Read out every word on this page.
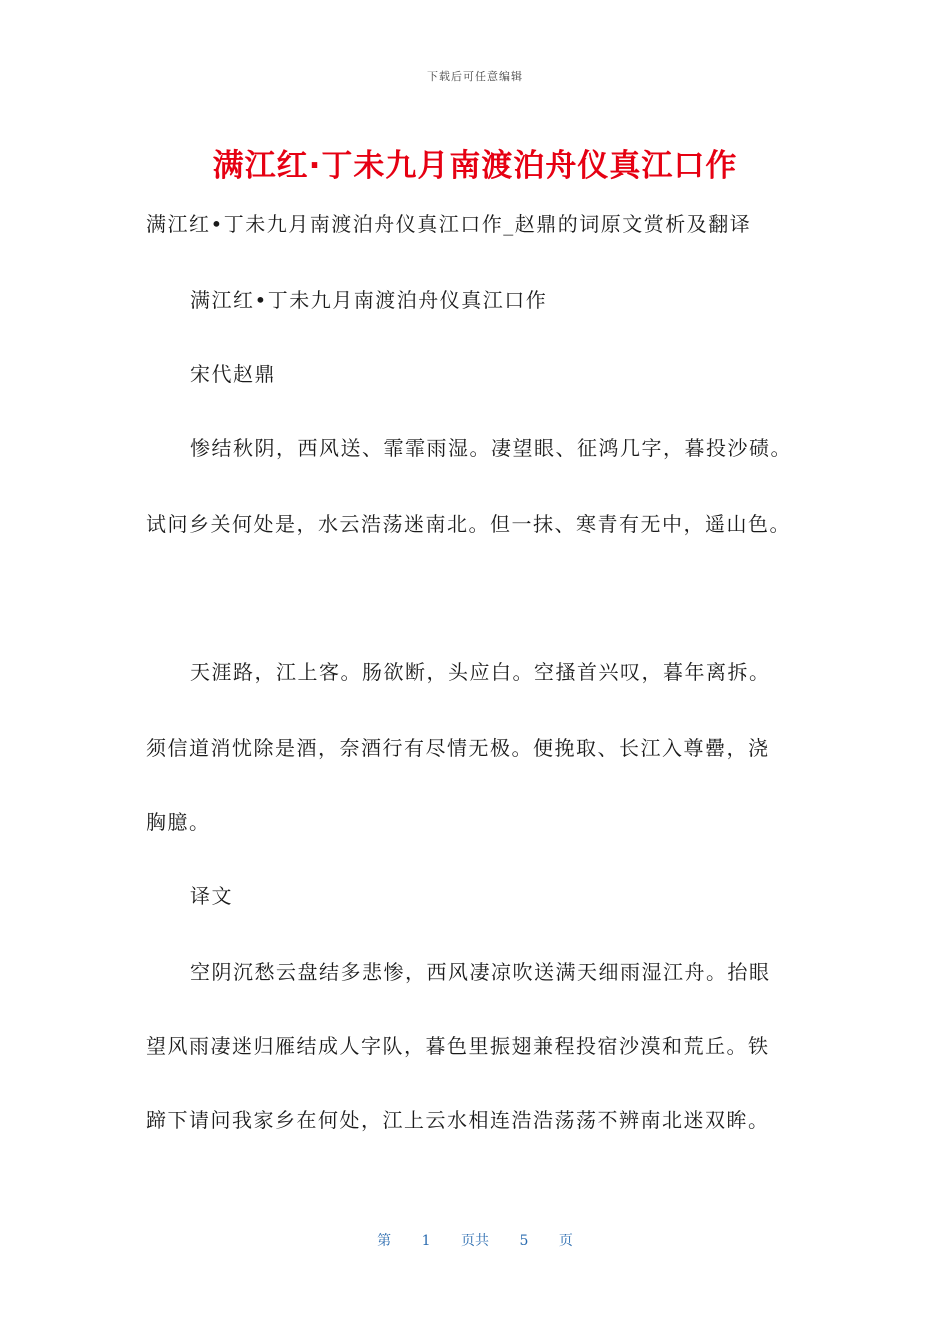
下载后可任意编辑
满江红·丁未九月南渡泊舟仪真江口作
满江红•丁未九月南渡泊舟仪真江口作_赵鼎的词原文赏析及翻译
满江红•丁未九月南渡泊舟仪真江口作
宋代赵鼎
惨结秋阴，西风送、霏霏雨湿。凄望眼、征鸿几字，暮投沙碛。
试问乡关何处是，水云浩荡迷南北。但一抹、寒青有无中，遥山色。
天涯路，江上客。肠欲断，头应白。空搔首兴叹，暮年离拆。
须信道消忧除是酒，奈酒行有尽情无极。便挽取、长江入尊罍，浇
胸臆。
译文
空阴沉愁云盘结多悲惨，西风凄凉吹送满天细雨湿江舟。抬眼
望风雨凄迷归雁结成人字队，暮色里振翅兼程投宿沙漠和荒丘。铁
蹄下请问我家乡在何处，江上云水相连浩浩荡荡不辨南北迷双眸。
第 1 页共 5 页
